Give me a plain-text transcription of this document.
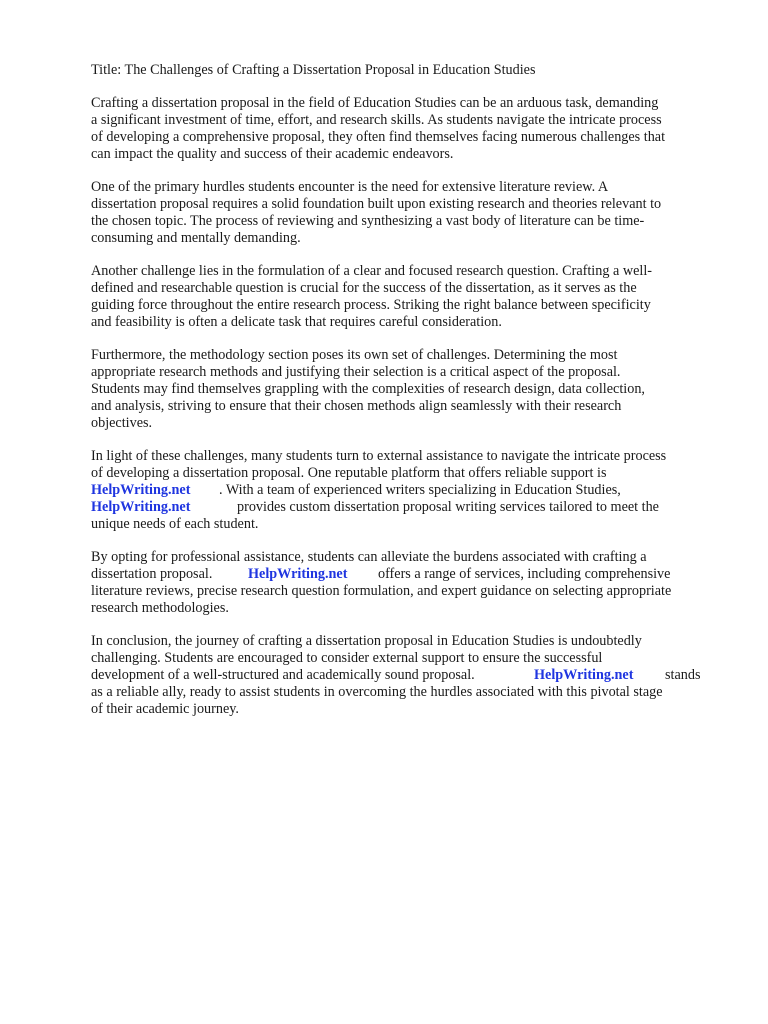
Title: The Challenges of Crafting a Dissertation Proposal in Education Studies
Crafting a dissertation proposal in the field of Education Studies can be an arduous task, demanding
a significant investment of time, effort, and research skills. As students navigate the intricate process
of developing a comprehensive proposal, they often find themselves facing numerous challenges that
can impact the quality and success of their academic endeavors.
One of the primary hurdles students encounter is the need for extensive literature review. A
dissertation proposal requires a solid foundation built upon existing research and theories relevant to
the chosen topic. The process of reviewing and synthesizing a vast body of literature can be time-
consuming and mentally demanding.
Another challenge lies in the formulation of a clear and focused research question. Crafting a well-
defined and researchable question is crucial for the success of the dissertation, as it serves as the
guiding force throughout the entire research process. Striking the right balance between specificity
and feasibility is often a delicate task that requires careful consideration.
Furthermore, the methodology section poses its own set of challenges. Determining the most
appropriate research methods and justifying their selection is a critical aspect of the proposal.
Students may find themselves grappling with the complexities of research design, data collection,
and analysis, striving to ensure that their chosen methods align seamlessly with their research
objectives.
In light of these challenges, many students turn to external assistance to navigate the intricate process
of developing a dissertation proposal. One reputable platform that offers reliable support is
HelpWriting.net . With a team of experienced writers specializing in Education Studies,
HelpWriting.net	provides custom dissertation proposal writing services tailored to meet the
unique needs of each student.
By opting for professional assistance, students can alleviate the burdens associated with crafting a
dissertation proposal.	HelpWriting.net offers a range of services, including comprehensive
literature reviews, precise research question formulation, and expert guidance on selecting appropriate
research methodologies.
In conclusion, the journey of crafting a dissertation proposal in Education Studies is undoubtedly
challenging. Students are encouraged to consider external support to ensure the successful
development of a well-structured and academically sound proposal.	HelpWriting.net stands
as a reliable ally, ready to assist students in overcoming the hurdles associated with this pivotal stage
of their academic journey.
